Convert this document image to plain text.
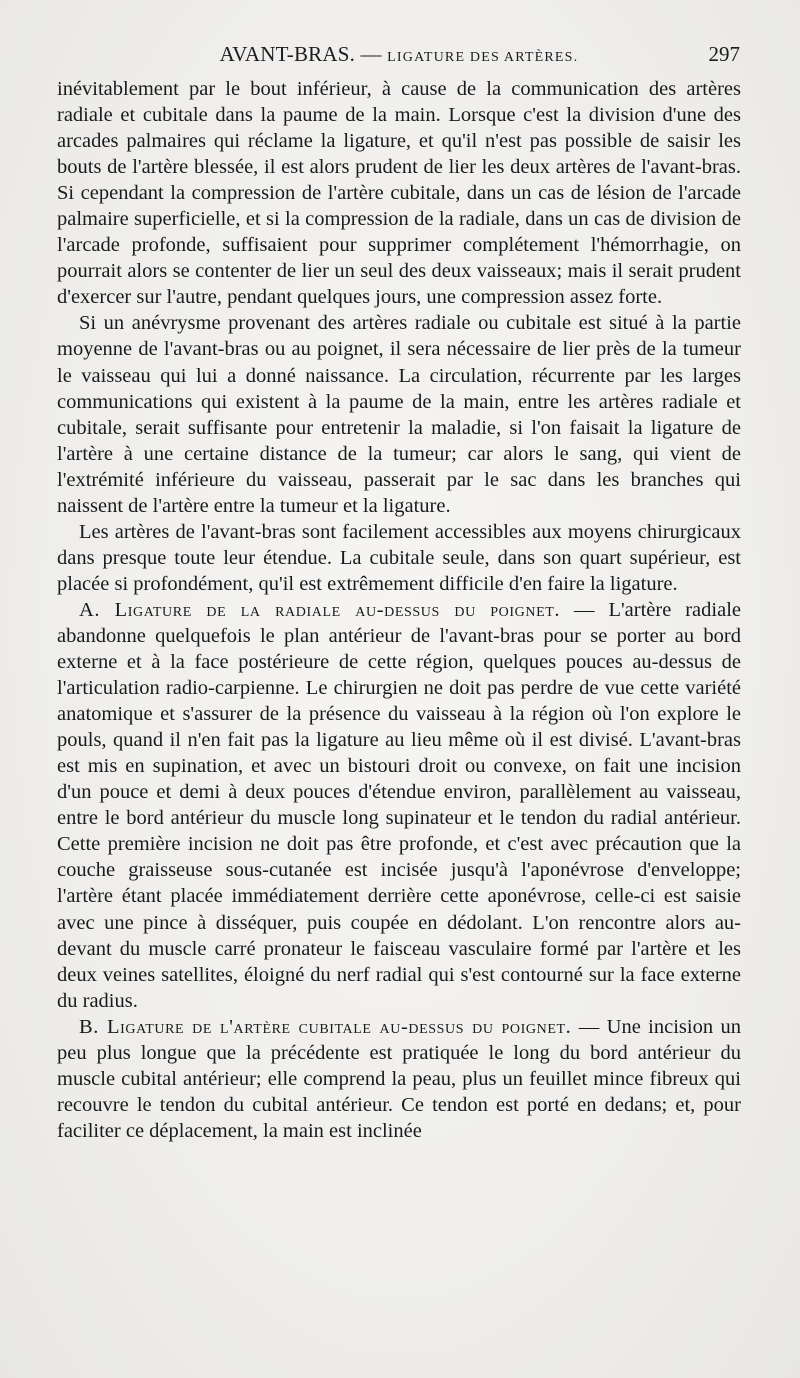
AVANT-BRAS. — LIGATURE DES ARTÈRES.	297

inévitablement par le bout inférieur, à cause de la communication des artères radiale et cubitale dans la paume de la main. Lorsque c'est la division d'une des arcades palmaires qui réclame la ligature, et qu'il n'est pas possible de saisir les bouts de l'artère blessée, il est alors prudent de lier les deux artères de l'avant-bras. Si cependant la compression de l'artère cubitale, dans un cas de lésion de l'arcade palmaire superficielle, et si la compression de la radiale, dans un cas de division de l'arcade profonde, suffisaient pour supprimer complétement l'hémorrhagie, on pourrait alors se contenter de lier un seul des deux vaisseaux; mais il serait prudent d'exercer sur l'autre, pendant quelques jours, une compression assez forte.

Si un anévrysme provenant des artères radiale ou cubitale est situé à la partie moyenne de l'avant-bras ou au poignet, il sera nécessaire de lier près de la tumeur le vaisseau qui lui a donné naissance. La circulation, récurrente par les larges communications qui existent à la paume de la main, entre les artères radiale et cubitale, serait suffisante pour entretenir la maladie, si l'on faisait la ligature de l'artère à une certaine distance de la tumeur; car alors le sang, qui vient de l'extrémité inférieure du vaisseau, passerait par le sac dans les branches qui naissent de l'artère entre la tumeur et la ligature.

Les artères de l'avant-bras sont facilement accessibles aux moyens chirurgicaux dans presque toute leur étendue. La cubitale seule, dans son quart supérieur, est placée si profondément, qu'il est extrêmement difficile d'en faire la ligature.

A. Ligature de la radiale au-dessus du poignet. — L'artère radiale abandonne quelquefois le plan antérieur de l'avant-bras pour se porter au bord externe et à la face postérieure de cette région, quelques pouces au-dessus de l'articulation radio-carpienne. Le chirurgien ne doit pas perdre de vue cette variété anatomique et s'assurer de la présence du vaisseau à la région où l'on explore le pouls, quand il n'en fait pas la ligature au lieu même où il est divisé. L'avant-bras est mis en supination, et avec un bistouri droit ou convexe, on fait une incision d'un pouce et demi à deux pouces d'étendue environ, parallèlement au vaisseau, entre le bord antérieur du muscle long supinateur et le tendon du radial antérieur. Cette première incision ne doit pas être profonde, et c'est avec précaution que la couche graisseuse sous-cutanée est incisée jusqu'à l'aponévrose d'enveloppe; l'artère étant placée immédiatement derrière cette aponévrose, celle-ci est saisie avec une pince à disséquer, puis coupée en dédolant. L'on rencontre alors au-devant du muscle carré pronateur le faisceau vasculaire formé par l'artère et les deux veines satellites, éloigné du nerf radial qui s'est contourné sur la face externe du radius.

B. Ligature de l'artère cubitale au-dessus du poignet. — Une incision un peu plus longue que la précédente est pratiquée le long du bord antérieur du muscle cubital antérieur; elle comprend la peau, plus un feuillet mince fibreux qui recouvre le tendon du cubital antérieur. Ce tendon est porté en dedans; et, pour faciliter ce déplacement, la main est inclinée
